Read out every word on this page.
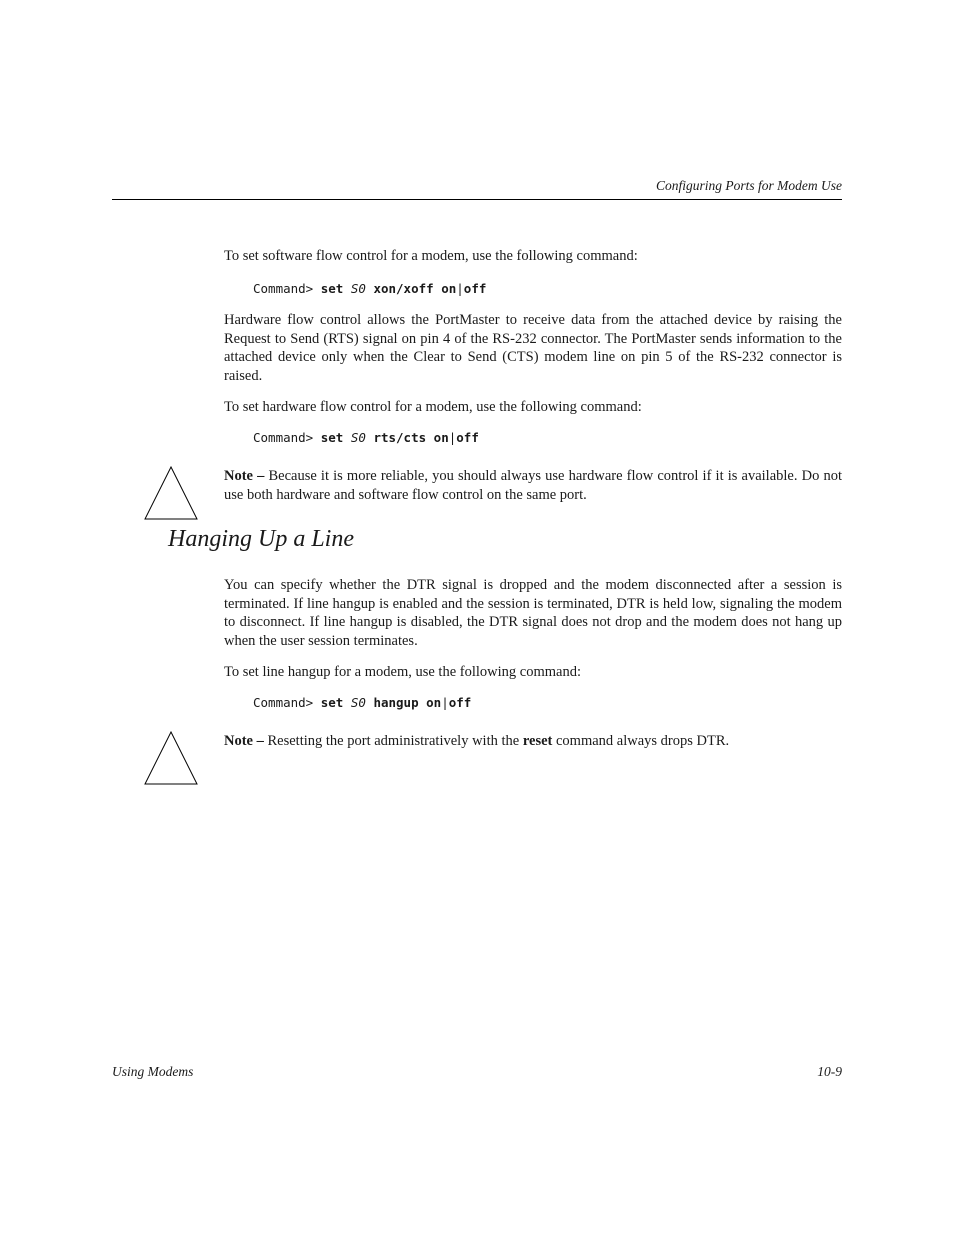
Configuring Ports for Modem Use
To set software flow control for a modem, use the following command:
Command> set S0 xon/xoff on|off
Hardware flow control allows the PortMaster to receive data from the attached device by raising the Request to Send (RTS) signal on pin 4 of the RS-232 connector. The PortMaster sends information to the attached device only when the Clear to Send (CTS) modem line on pin 5 of the RS-232 connector is raised.
To set hardware flow control for a modem, use the following command:
Command> set S0 rts/cts on|off
Note – Because it is more reliable, you should always use hardware flow control if it is available. Do not use both hardware and software flow control on the same port.
Hanging Up a Line
You can specify whether the DTR signal is dropped and the modem disconnected after a session is terminated. If line hangup is enabled and the session is terminated, DTR is held low, signaling the modem to disconnect. If line hangup is disabled, the DTR signal does not drop and the modem does not hang up when the user session terminates.
To set line hangup for a modem, use the following command:
Command> set S0 hangup on|off
Note – Resetting the port administratively with the reset command always drops DTR.
Using Modems	10-9
